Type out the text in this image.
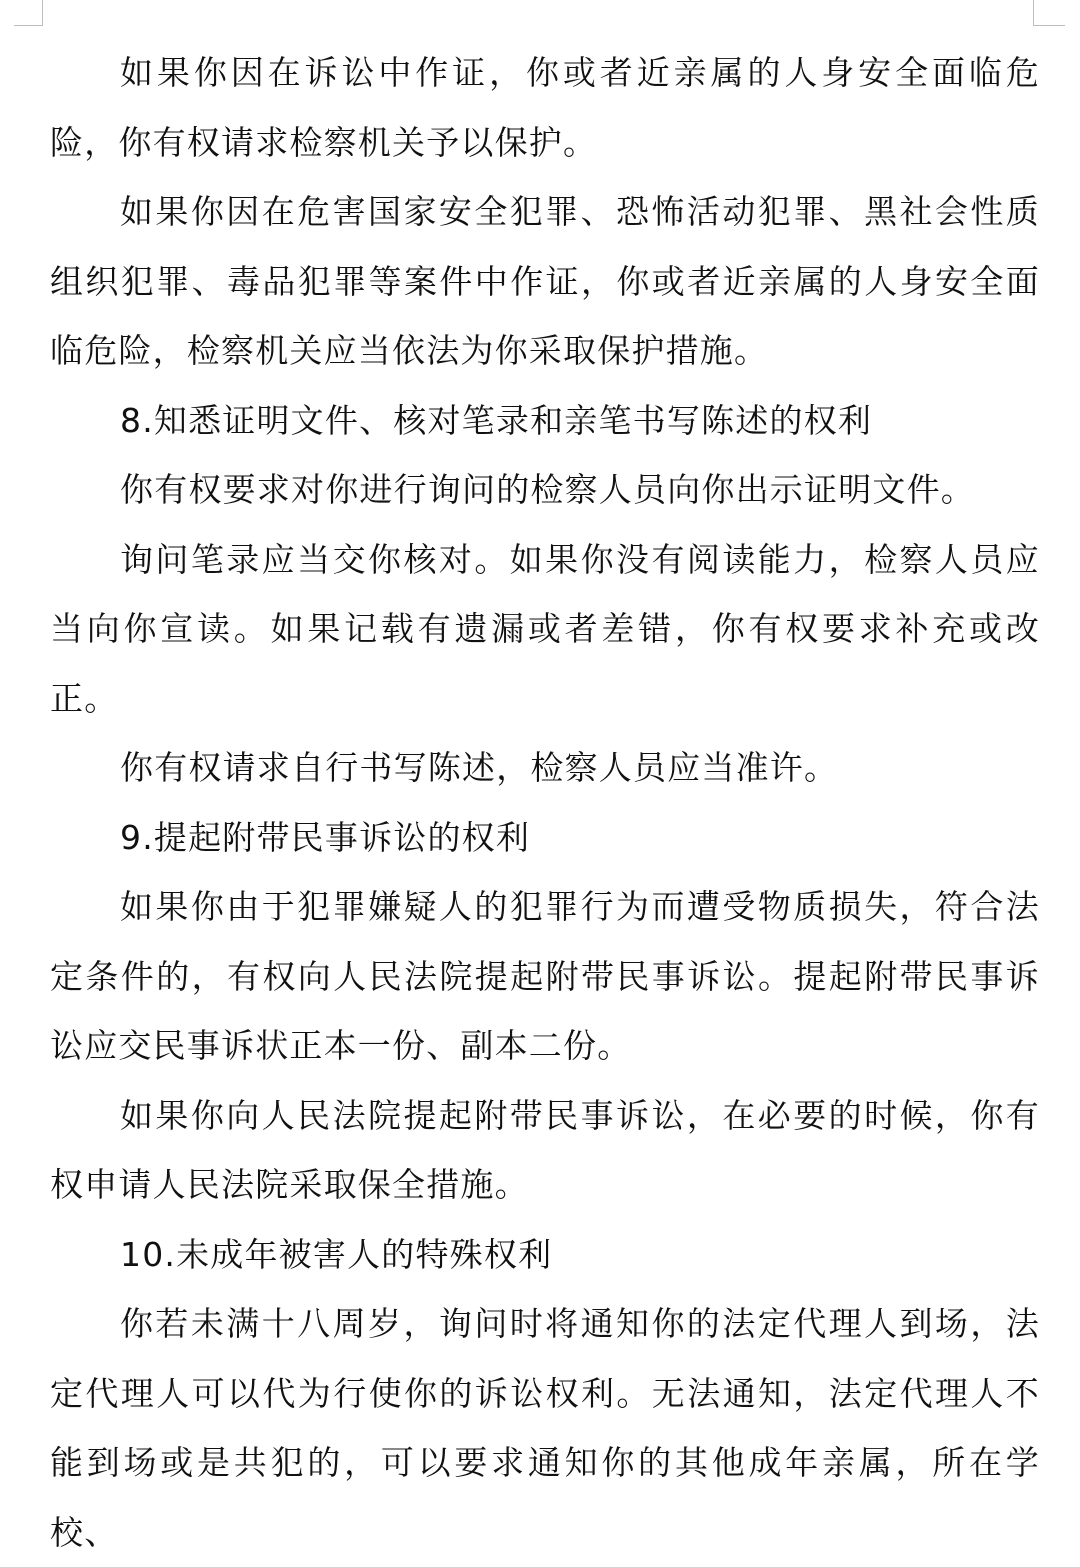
如果你因在诉讼中作证，你或者近亲属的人身安全面临危险，你有权请求检察机关予以保护。

如果你因在危害国家安全犯罪、恐怖活动犯罪、黑社会性质组织犯罪、毒品犯罪等案件中作证，你或者近亲属的人身安全面临危险，检察机关应当依法为你采取保护措施。

8.知悉证明文件、核对笔录和亲笔书写陈述的权利

你有权要求对你进行询问的检察人员向你出示证明文件。

询问笔录应当交你核对。如果你没有阅读能力，检察人员应当向你宣读。如果记载有遗漏或者差错，你有权要求补充或改正。

你有权请求自行书写陈述，检察人员应当准许。

9.提起附带民事诉讼的权利

如果你由于犯罪嫌疑人的犯罪行为而遭受物质损失，符合法定条件的，有权向人民法院提起附带民事诉讼。提起附带民事诉讼应交民事诉状正本一份、副本二份。

如果你向人民法院提起附带民事诉讼，在必要的时候，你有权申请人民法院采取保全措施。

10.未成年被害人的特殊权利

你若未满十八周岁，询问时将通知你的法定代理人到场，法定代理人可以代为行使你的诉讼权利。无法通知，法定代理人不能到场或是共犯的，可以要求通知你的其他成年亲属，所在学校、
